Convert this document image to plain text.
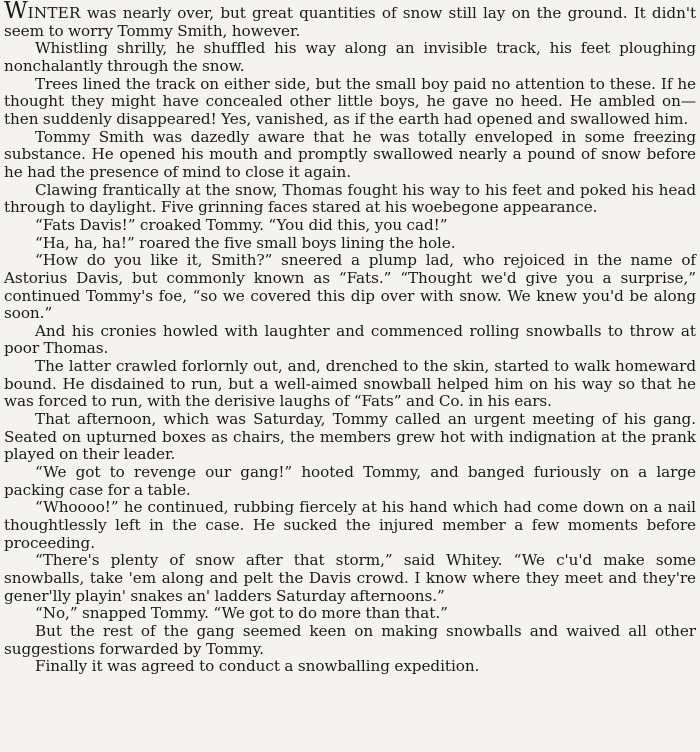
WINTER was nearly over, but great quantities of snow still lay on the ground. It didn't seem to worry Tommy Smith, however.

Whistling shrilly, he shuffled his way along an invisible track, his feet ploughing nonchalantly through the snow.

Trees lined the track on either side, but the small boy paid no attention to these. If he thought they might have concealed other little boys, he gave no heed. He ambled on—then suddenly disappeared! Yes, vanished, as if the earth had opened and swallowed him.

Tommy Smith was dazedly aware that he was totally enveloped in some freezing substance. He opened his mouth and promptly swallowed nearly a pound of snow before he had the presence of mind to close it again.

Clawing frantically at the snow, Thomas fought his way to his feet and poked his head through to daylight. Five grinning faces stared at his woebegone appearance.

“Fats Davis!” croaked Tommy. “You did this, you cad!”

“Ha, ha, ha!” roared the five small boys lining the hole.

“How do you like it, Smith?” sneered a plump lad, who rejoiced in the name of Astorius Davis, but commonly known as “Fats.” “Thought we'd give you a surprise,” continued Tommy's foe, “so we covered this dip over with snow. We knew you'd be along soon.”

And his cronies howled with laughter and commenced rolling snowballs to throw at poor Thomas.

The latter crawled forlornly out, and, drenched to the skin, started to walk homeward bound. He disdained to run, but a well-aimed snowball helped him on his way so that he was forced to run, with the derisive laughs of “Fats” and Co. in his ears.

That afternoon, which was Saturday, Tommy called an urgent meeting of his gang. Seated on upturned boxes as chairs, the members grew hot with indignation at the prank played on their leader.

“We got to revenge our gang!” hooted Tommy, and banged furiously on a large packing case for a table.

“Whoooo!” he continued, rubbing fiercely at his hand which had come down on a nail thoughtlessly left in the case. He sucked the injured member a few moments before proceeding.

“There's plenty of snow after that storm,” said Whitey. “We c'u'd make some snowballs, take 'em along and pelt the Davis crowd. I know where they meet and they're gener'lly playin' snakes an' ladders Saturday afternoons.”

“No,” snapped Tommy. “We got to do more than that.”

But the rest of the gang seemed keen on making snowballs and waived all other suggestions forwarded by Tommy.

Finally it was agreed to conduct a snowballing expedition.
